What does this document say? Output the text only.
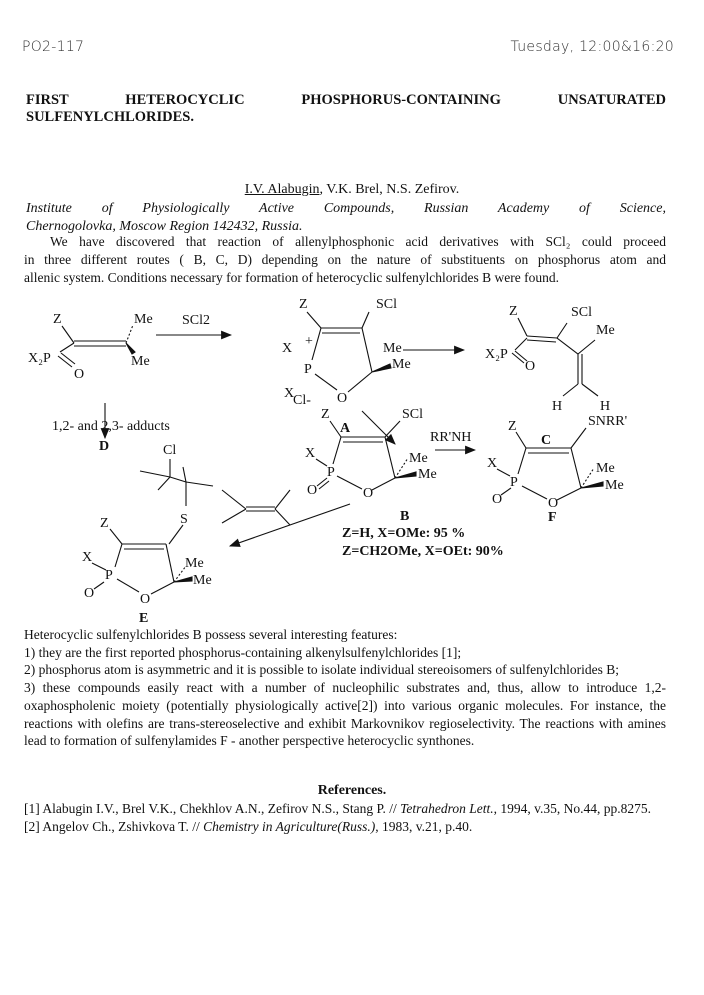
PO2-117	Tuesday, 12:00&16:20
FIRST	HETEROCYCLIC	PHOSPHORUS-CONTAINING	UNSATURATED
SULFENYLCHLORIDES.
I.V. Alabugin, V.K. Brel, N.S. Zefirov.
Institute of Physiologically Active Compounds, Russian Academy of Science,
Chernogolovka, Moscow Region 142432, Russia.
We have discovered that reaction of allenylphosphonic acid derivatives with SCl₂ could proceed
in three different routes ( B, C, D) depending on the nature of substituents on phosphorus atom and
allenic system. Conditions necessary for formation of heterocyclic sulfenylchlorides B were found.
Z	Me
X₂P
O
Me
SCl2
1,2- and 2,3- adducts
D
Z	SCl
X +
P
X
Cl- O
Me
Me
A
Z	SCl
Me
X₂P
O
H	H
C
Z	SCl
X
P
O	O
Me
Me
B
Z=H, X=OMe: 95 %
Z=CH2OMe, X=OEt: 90%
RR'NH
Z	SNRR'
X
P
O	O
Me
Me
F
Cl
S
Z
X
P
O	O
Me
Me
E
Heterocyclic sulfenylchlorides B possess several interesting features:
1) they are the first reported phosphorus-containing alkenylsulfenylchlorides [1];
2) phosphorus atom is asymmetric and it is possible to isolate individual stereoisomers of sulfenylchlorides B;
3) these compounds easily react with a number of nucleophilic substrates and, thus, allow to introduce 1,2-oxaphospholenic moiety (potentially physiologically active[2]) into various organic molecules. For instance, the reactions with olefins are trans-stereoselective and exhibit Markovnikov regioselectivity. The reactions with amines lead to formation of sulfenylamides F - another perspective heterocyclic synthones.
References.
[1] Alabugin I.V., Brel V.K., Chekhlov A.N., Zefirov N.S., Stang P. // Tetrahedron Lett., 1994, v.35, No.44, pp.8275.
[2] Angelov Ch., Zshivkova T. // Chemistry in Agriculture(Russ.), 1983, v.21, p.40.
